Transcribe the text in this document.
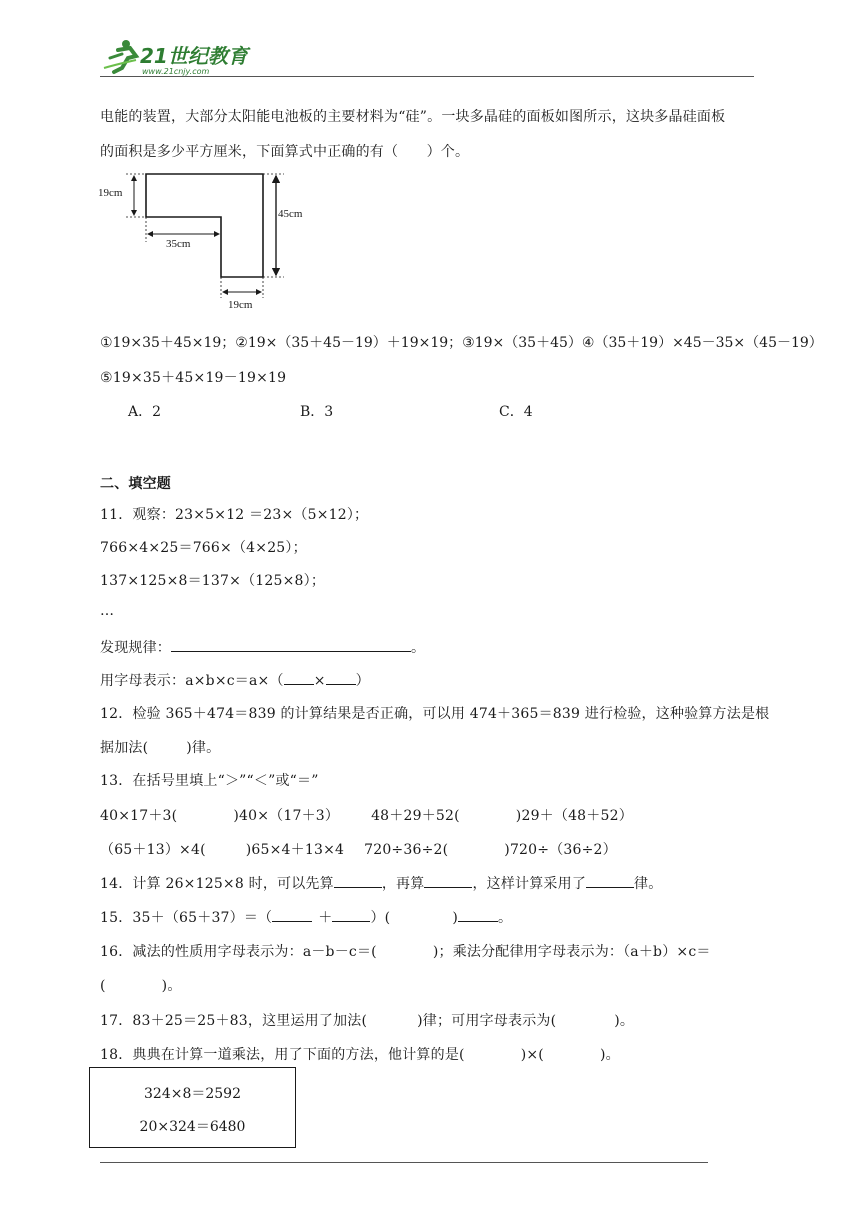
21世纪教育
www.21cnjy.com
电能的装置，大部分太阳能电池板的主要材料为“硅”。一块多晶硅的面板如图所示，这块多晶硅面板
的面积是多少平方厘米，下面算式中正确的有（　　）个。
19cm
45cm
35cm
19cm
①19×35＋45×19；②19×（35＋45－19）＋19×19；③19×（35＋45）④（35＋19）×45－35×（45－19）
⑤19×35＋45×19－19×19
A．2	B．3	C．4
二、填空题
11．观察：23×5×12 ＝23×（5×12）；
766×4×25＝766×（4×25）；
137×125×8＝137×（125×8）；
…
发现规律：	。
用字母表示：a×b×c＝a×（ × ）
12．检验 365＋474＝839 的计算结果是否正确，可以用 474＋365＝839 进行检验，这种验算方法是根
据加法(	)律。
13．在括号里填上“＞”“＜”或“＝”
40×17＋3(	)40×（17＋3） 48＋29＋52(	)29＋（48＋52）
（65＋13）×4(	)65×4＋13×4 720÷36÷2(	)720÷（36÷2）
14．计算 26×125×8 时，可以先算	，再算	，这样计算采用了	律。
15．35＋（65＋37）＝（	＋	）(	)	。
16．减法的性质用字母表示为：a－b－c＝(	)；乘法分配律用字母表示为：（a＋b）×c＝
(	)。
17．83＋25＝25＋83，这里运用了加法(	)律；可用字母表示为(	)。
18．典典在计算一道乘法，用了下面的方法，他计算的是(	)×(	)。
324×8＝2592
20×324＝6480
